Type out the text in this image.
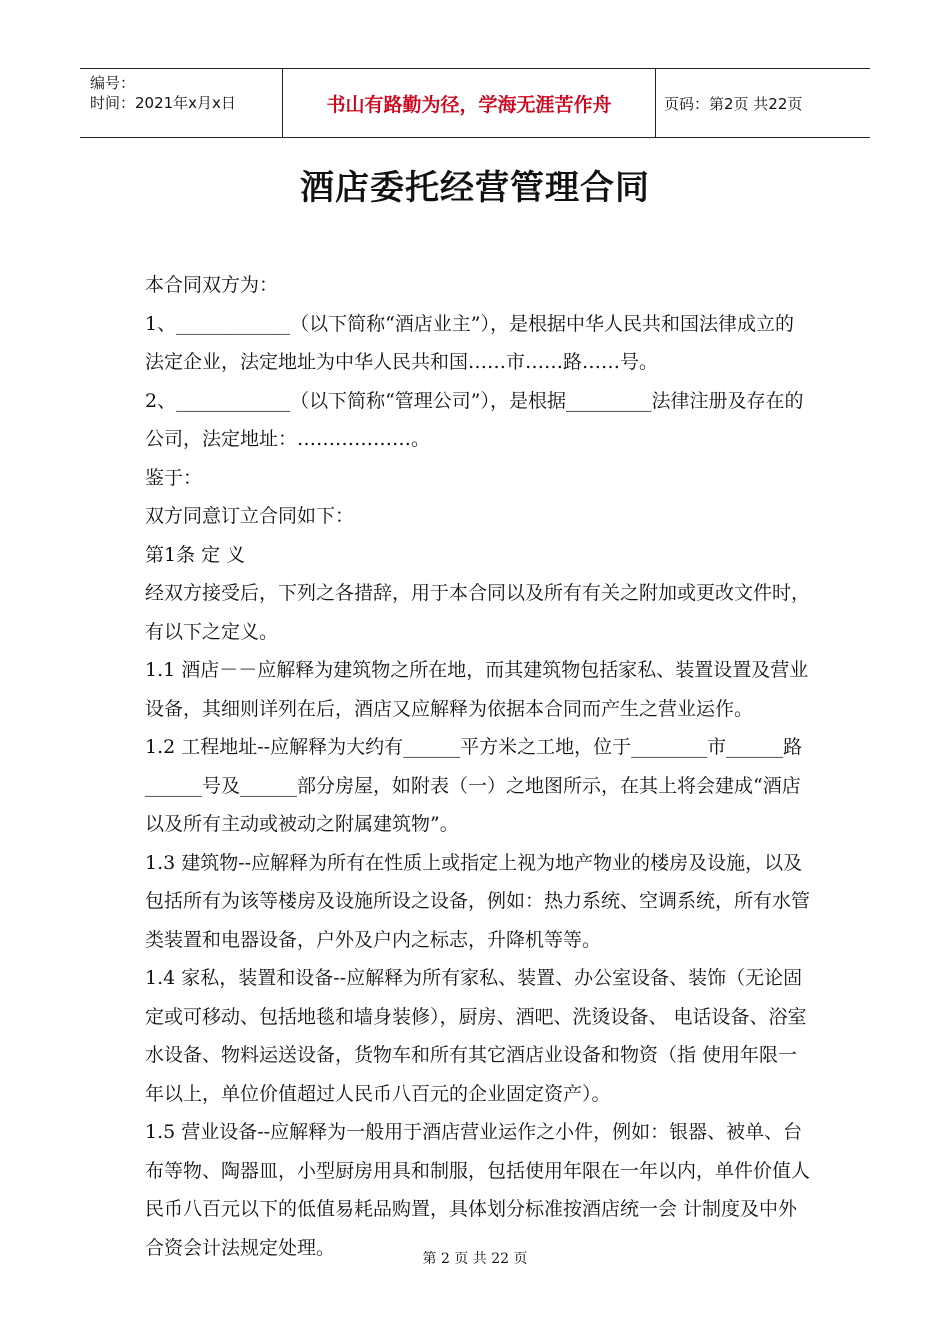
编号：
时间：2021年x月x日	书山有路勤为径，学海无涯苦作舟	页码：第2页 共22页
酒店委托经营管理合同

本合同双方为：

1、____________（以下简称“酒店业主”），是根据中华人民共和国法律成立的法定企业，法定地址为中华人民共和国……市……路……号。

2、____________（以下简称“管理公司”），是根据_________法律注册及存在的公司，法定地址：………………。

鉴于：

双方同意订立合同如下：

第1条 定 义

经双方接受后，下列之各措辞，用于本合同以及所有有关之附加或更改文件时，有以下之定义。

1.1 酒店－－应解释为建筑物之所在地，而其建筑物包括家私、装置设置及营业设备，其细则详列在后，酒店又应解释为依据本合同而产生之营业运作。

1.2 工程地址--应解释为大约有______平方米之工地，位于________市______路______号及______部分房屋，如附表（一）之地图所示，在其上将会建成“酒店以及所有主动或被动之附属建筑物”。

1.3 建筑物--应解释为所有在性质上或指定上视为地产物业的楼房及设施，以及包括所有为该等楼房及设施所设之设备，例如：热力系统、空调系统，所有水管类装置和电器设备，户外及户内之标志，升降机等等。

1.4 家私，装置和设备--应解释为所有家私、装置、办公室设备、装饰（无论固定或可移动、包括地毯和墙身装修），厨房、酒吧、洗烫设备、 电话设备、浴室水设备、物料运送设备，货物车和所有其它酒店业设备和物资（指 使用年限一年以上，单位价值超过人民币八百元的企业固定资产）。

1.5 营业设备--应解释为一般用于酒店营业运作之小件，例如：银器、被单、台布等物、陶器皿，小型厨房用具和制服，包括使用年限在一年以内，单件价值人民币八百元以下的低值易耗品购置，具体划分标准按酒店统一会 计制度及中外合资会计法规定处理。

第 2 页 共 22 页
